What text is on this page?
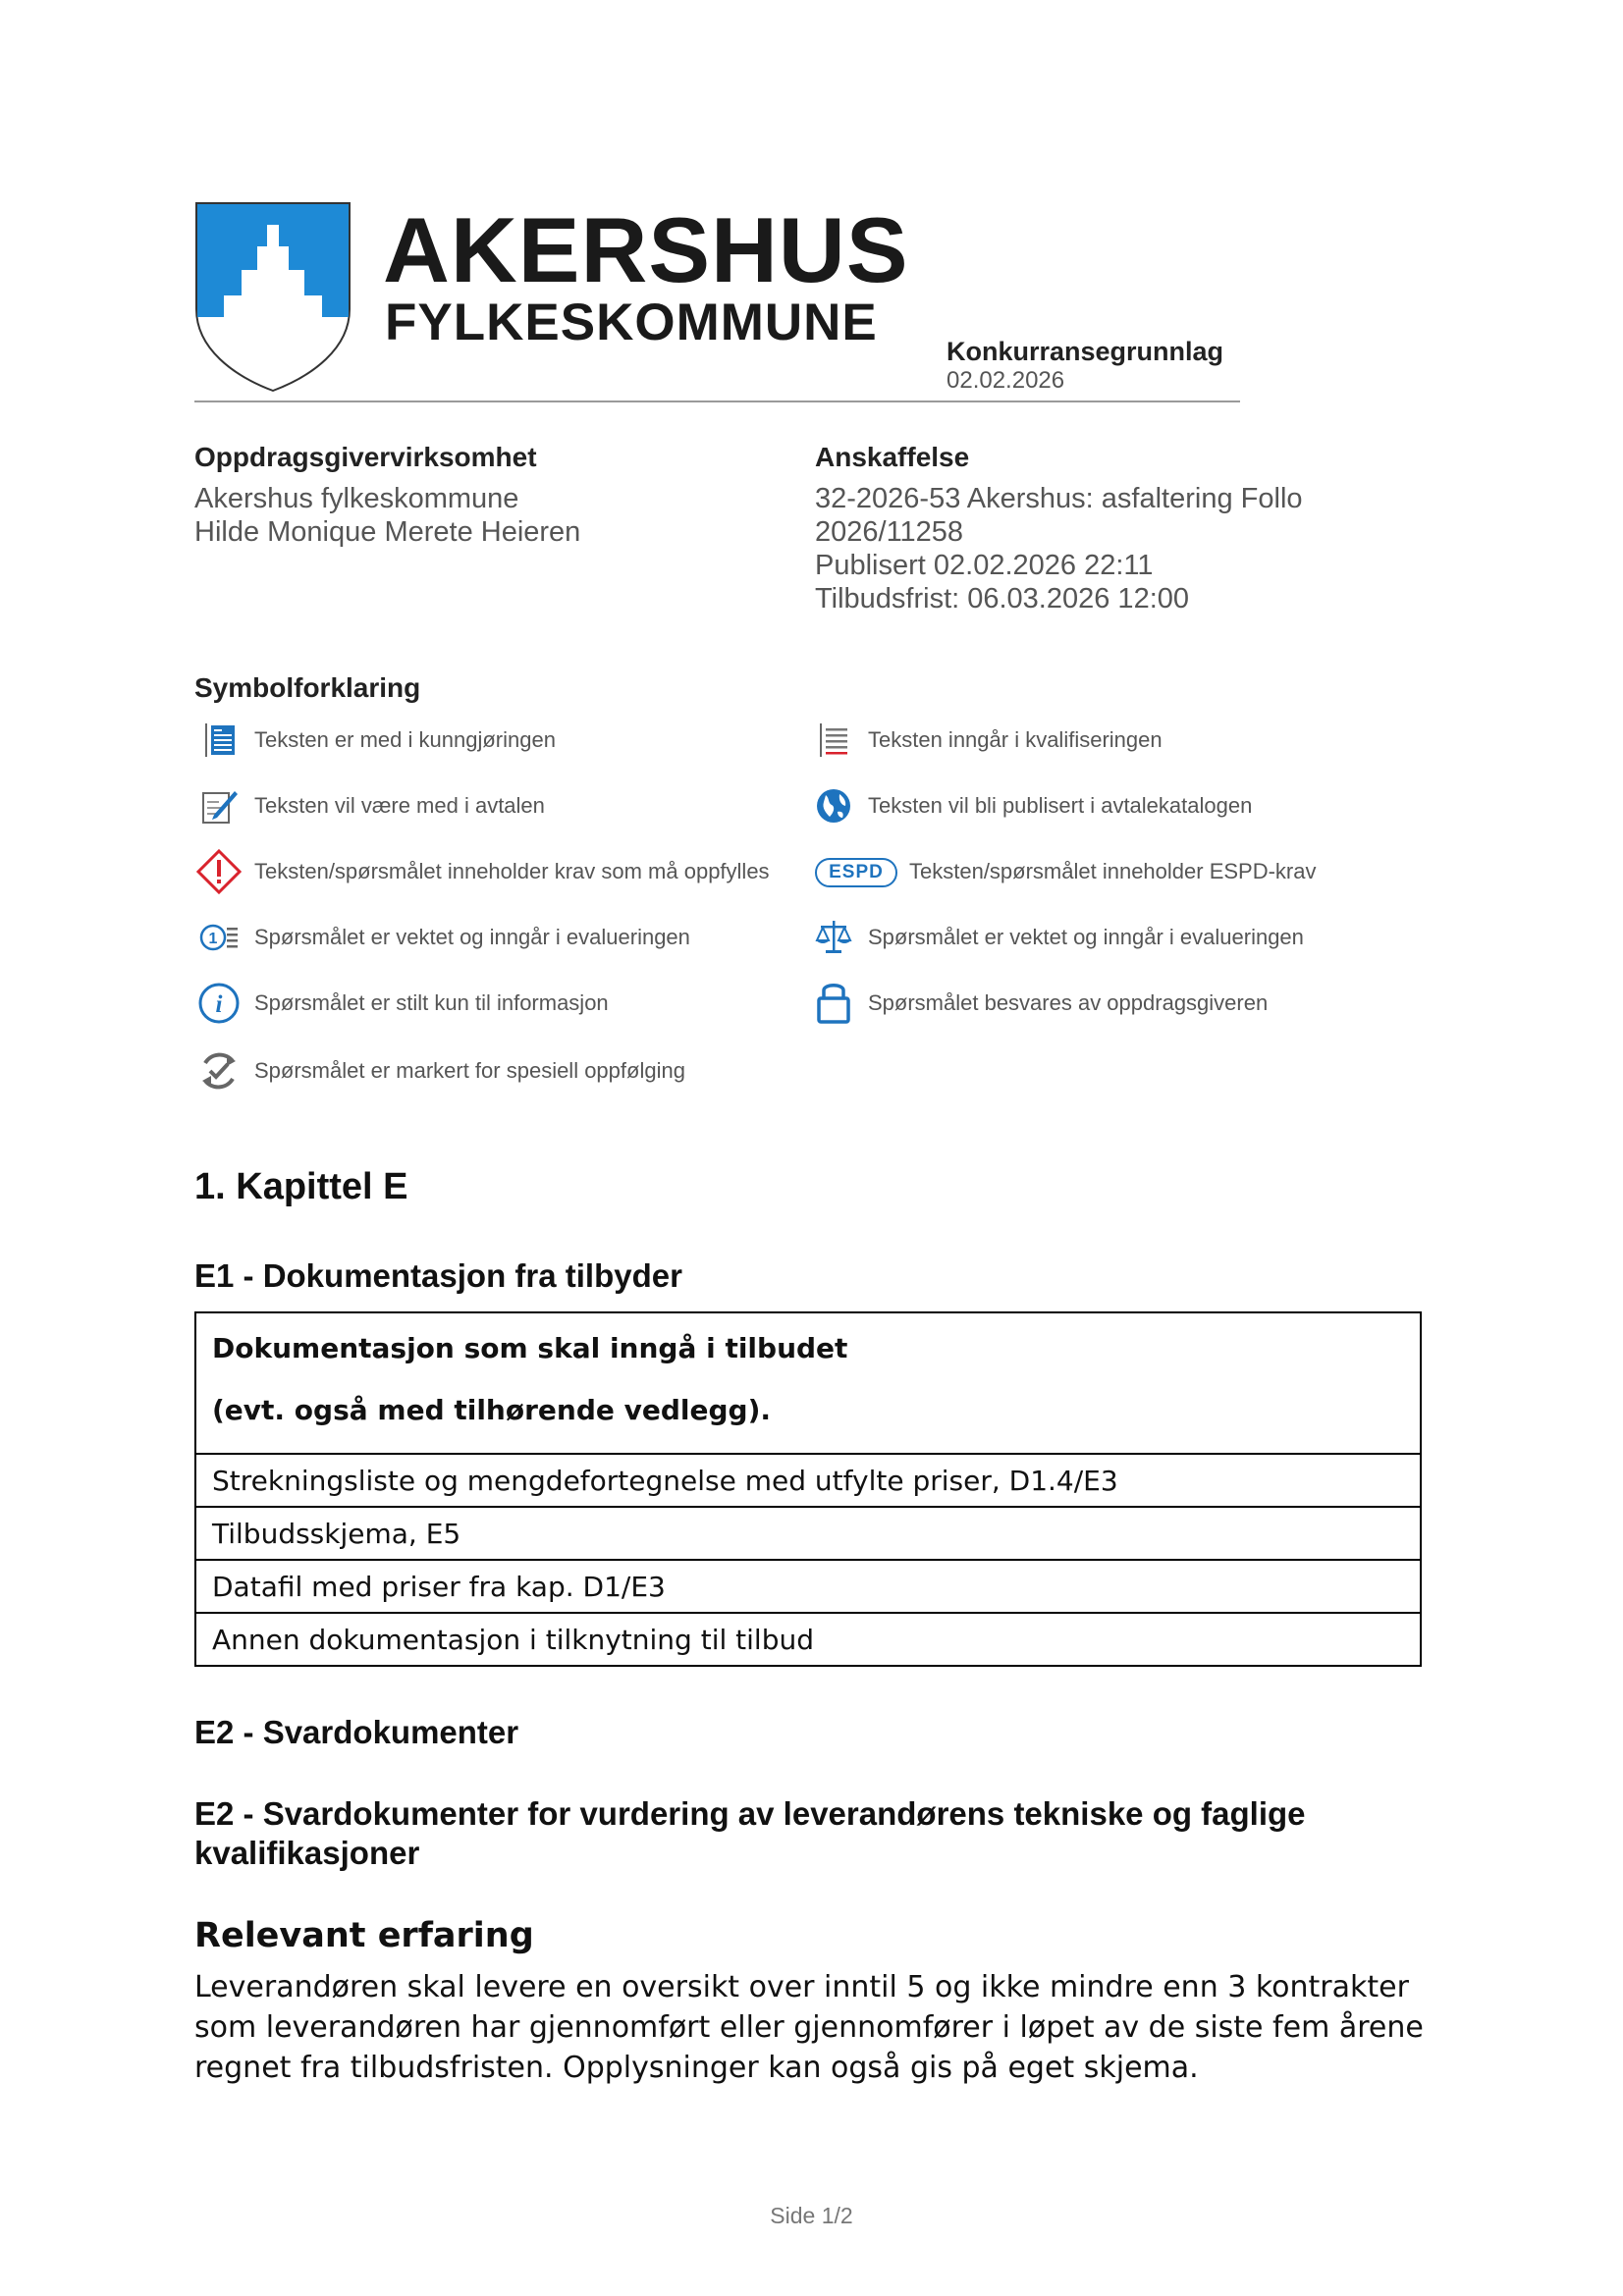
AKERSHUS
FYLKESKOMMUNE	Konkurransegrunnlag
02.02.2026
Oppdragsgivervirksomhet
Akershus fylkeskommune
Hilde Monique Merete Heieren
Anskaffelse
32-2026-53 Akershus: asfaltering Follo
2026/11258
Publisert 02.02.2026 22:11
Tilbudsfrist: 06.03.2026 12:00
Symbolforklaring
Teksten er med i kunngjøringen	Teksten inngår i kvalifiseringen
Teksten vil være med i avtalen	Teksten vil bli publisert i avtalekatalogen
Teksten/spørsmålet inneholder krav som må oppfylles	ESPD	Teksten/spørsmålet inneholder ESPD-krav
1 Spørsmålet er vektet og inngår i evalueringen	Spørsmålet er vektet og inngår i evalueringen
i Spørsmålet er stilt kun til informasjon	Spørsmålet besvares av oppdragsgiveren
Spørsmålet er markert for spesiell oppfølging
1. Kapittel E
E1 - Dokumentasjon fra tilbyder
Dokumentasjon som skal inngå i tilbudet
(evt. også med tilhørende vedlegg).

Strekningsliste og mengdefortegnelse med utfylte priser, D1.4/E3
Tilbudsskjema, E5
Datafil med priser fra kap. D1/E3
Annen dokumentasjon i tilknytning til tilbud
E2 - Svardokumenter
E2 - Svardokumenter for vurdering av leverandørens tekniske og faglige kvalifikasjoner
Relevant erfaring
Leverandøren skal levere en oversikt over inntil 5 og ikke mindre enn 3 kontrakter som leverandøren har gjennomført eller gjennomfører i løpet av de siste fem årene regnet fra tilbudsfristen. Opplysninger kan også gis på eget skjema.
Side 1/2
